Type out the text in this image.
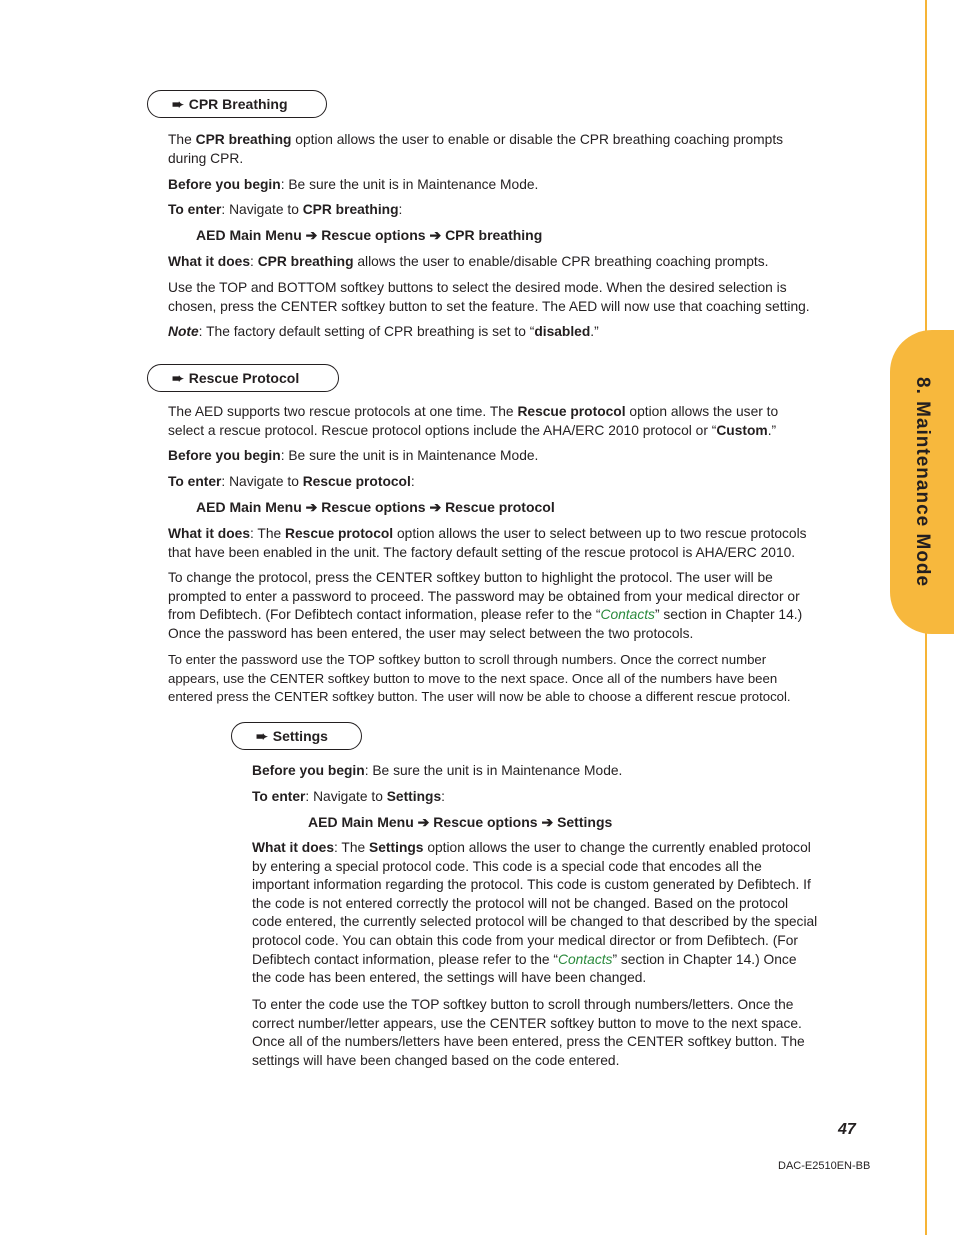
8. Maintenance Mode
➨ CPR Breathing

The CPR breathing option allows the user to enable or disable the CPR breathing coaching prompts during CPR.

Before you begin: Be sure the unit is in Maintenance Mode.

To enter: Navigate to CPR breathing:

AED Main Menu ➔ Rescue options ➔ CPR breathing

What it does: CPR breathing allows the user to enable/disable CPR breathing coaching prompts.

Use the TOP and BOTTOM softkey buttons to select the desired mode. When the desired selection is chosen, press the CENTER softkey button to set the feature. The AED will now use that coaching setting.

Note: The factory default setting of CPR breathing is set to “disabled.”

➨ Rescue Protocol

The AED supports two rescue protocols at one time. The Rescue protocol option allows the user to select a rescue protocol. Rescue protocol options include the AHA/ERC 2010 protocol or “Custom.”

Before you begin: Be sure the unit is in Maintenance Mode.

To enter: Navigate to Rescue protocol:

AED Main Menu ➔ Rescue options ➔ Rescue protocol

What it does: The Rescue protocol option allows the user to select between up to two rescue protocols that have been enabled in the unit. The factory default setting of the rescue protocol is AHA/ERC 2010.

To change the protocol, press the CENTER softkey button to highlight the protocol. The user will be prompted to enter a password to proceed. The password may be obtained from your medical director or from Defibtech. (For Defibtech contact information, please refer to the “Contacts” section in Chapter 14.) Once the password has been entered, the user may select between the two protocols.

To enter the password use the TOP softkey button to scroll through numbers. Once the correct number appears, use the CENTER softkey button to move to the next space. Once all of the numbers have been entered press the CENTER softkey button. The user will now be able to choose a different rescue protocol.

➨ Settings

Before you begin: Be sure the unit is in Maintenance Mode.

To enter: Navigate to Settings:

AED Main Menu ➔ Rescue options ➔ Settings

What it does: The Settings option allows the user to change the currently enabled protocol by entering a special protocol code. This code is a special code that encodes all the important information regarding the protocol. This code is custom generated by Defibtech. If the code is not entered correctly the protocol will not be changed. Based on the protocol code entered, the currently selected protocol will be changed to that described by the special protocol code. You can obtain this code from your medical director or from Defibtech. (For Defibtech contact information, please refer to the “Contacts” section in Chapter 14.) Once the code has been entered, the settings will have been changed.

To enter the code use the TOP softkey button to scroll through numbers/letters. Once the correct number/letter appears, use the CENTER softkey button to move to the next space. Once all of the numbers/letters have been entered, press the CENTER softkey button. The settings will have been changed based on the code entered.

47
DAC-E2510EN-BB
